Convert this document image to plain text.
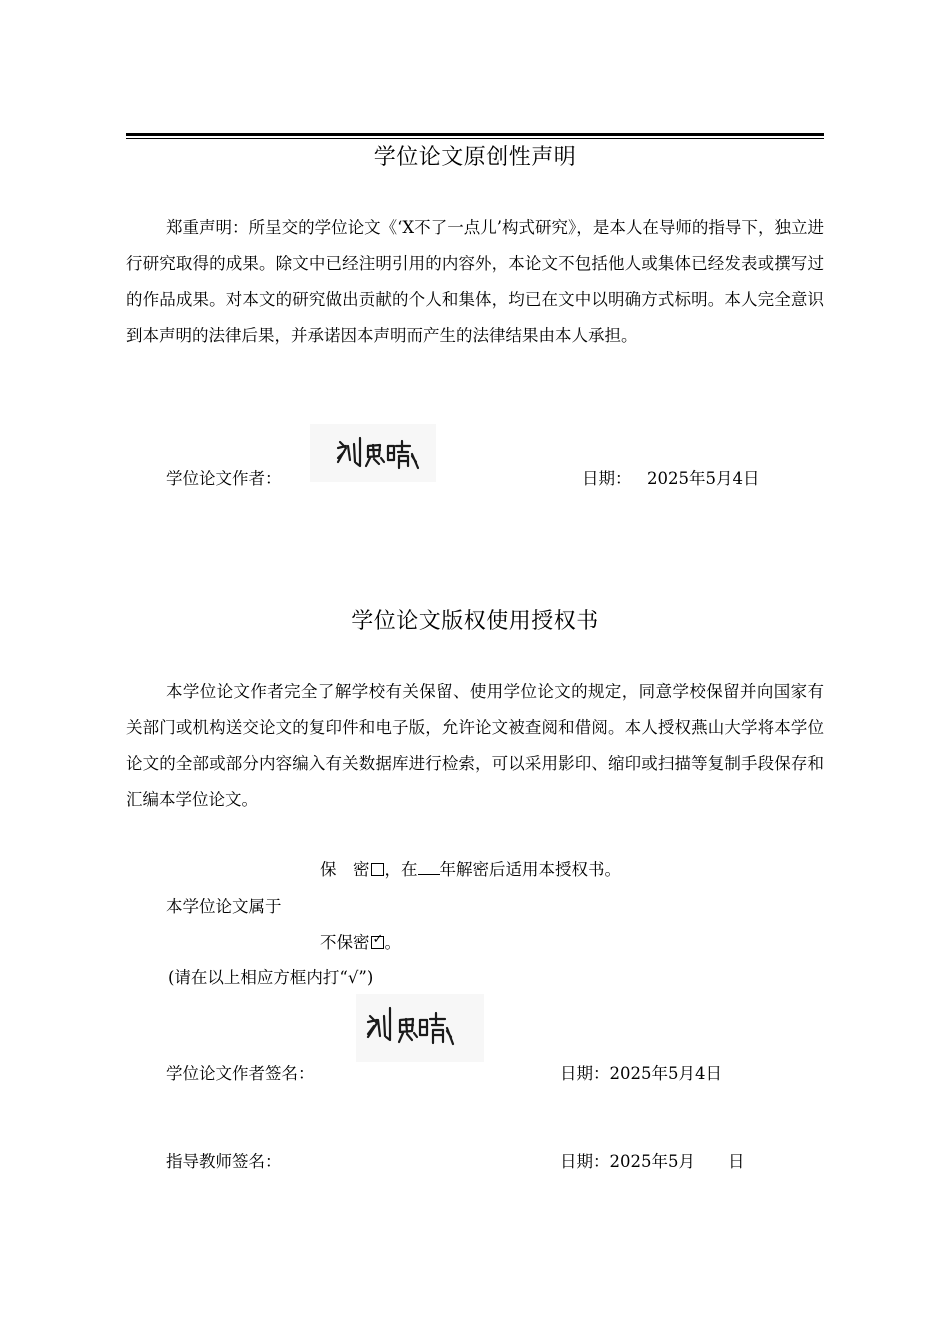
学位论文原创性声明
郑重声明：所呈交的学位论文《‘X不了一点儿’构式研究》，是本人在导师的指导下，独立进行研究取得的成果。除文中已经注明引用的内容外，本论文不包括他人或集体已经发表或撰写过的作品成果。对本文的研究做出贡献的个人和集体，均已在文中以明确方式标明。本人完全意识到本声明的法律后果，并承诺因本声明而产生的法律结果由本人承担。
学位论文作者：	日期： 2025年5月4日
学位论文版权使用授权书
本学位论文作者完全了解学校有关保留、使用学位论文的规定，同意学校保留并向国家有关部门或机构送交论文的复印件和电子版，允许论文被查阅和借阅。本人授权燕山大学将本学位论文的全部或部分内容编入有关数据库进行检索，可以采用影印、缩印或扫描等复制手段保存和汇编本学位论文。
保　密 ，在 年解密后适用本授权书。
本学位论文属于
不保密 ✓ 。
(请在以上相应方框内打“√”)
学位论文作者签名：	日期：2025年5月4日
指导教师签名：	日期：2025年5月　　日
